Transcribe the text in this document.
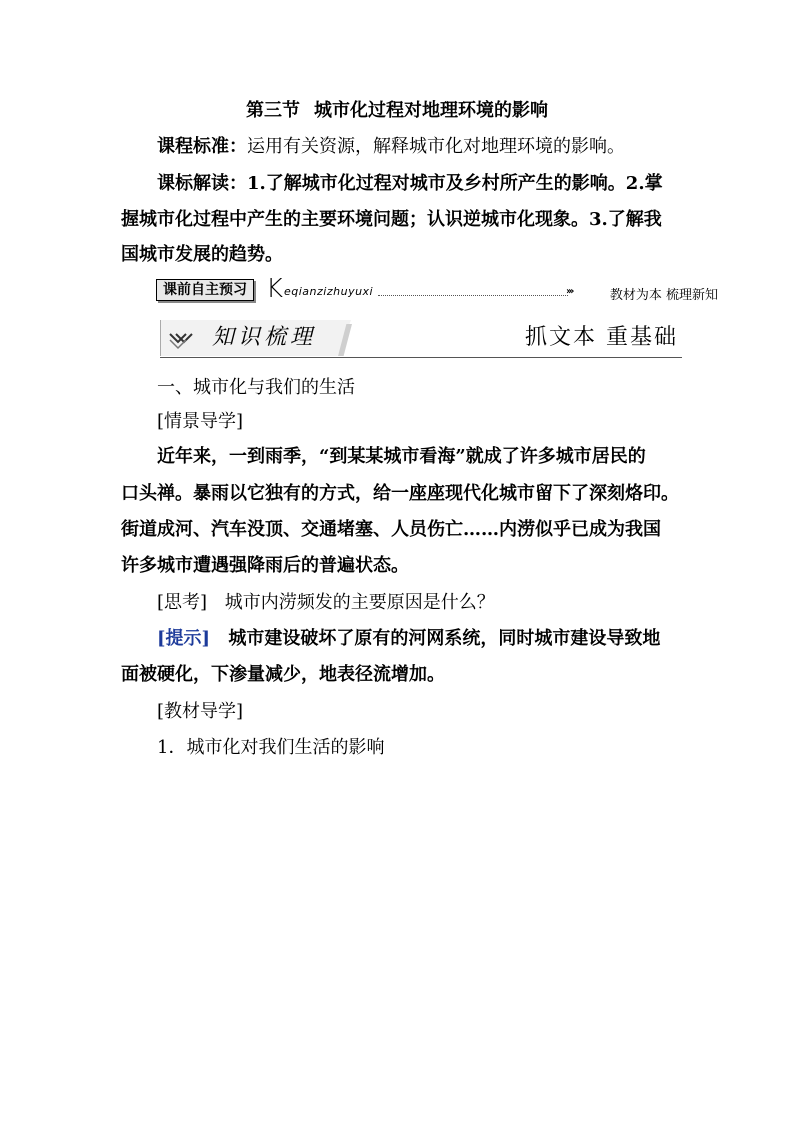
第三节 城市化过程对地理环境的影响
课程标准：运用有关资源，解释城市化对地理环境的影响。
课标解读：1.了解城市化过程对城市及乡村所产生的影响。2.掌
握城市化过程中产生的主要环境问题；认识逆城市化现象。3.了解我
国城市发展的趋势。
课前自主预习 K eqianzizhuyuxi	›››	教材为本 梳理新知
知识梳理	抓文本 重基础
一、城市化与我们的生活
[情景导学]
近年来，一到雨季，“到某某城市看海”就成了许多城市居民的
口头禅。暴雨以它独有的方式，给一座座现代化城市留下了深刻烙印。
街道成河、汽车没顶、交通堵塞、人员伤亡……内涝似乎已成为我国
许多城市遭遇强降雨后的普遍状态。
[思考] 城市内涝频发的主要原因是什么？
[提示] 城市建设破坏了原有的河网系统，同时城市建设导致地
面被硬化，下渗量减少，地表径流增加。
[教材导学]
1．城市化对我们生活的影响
